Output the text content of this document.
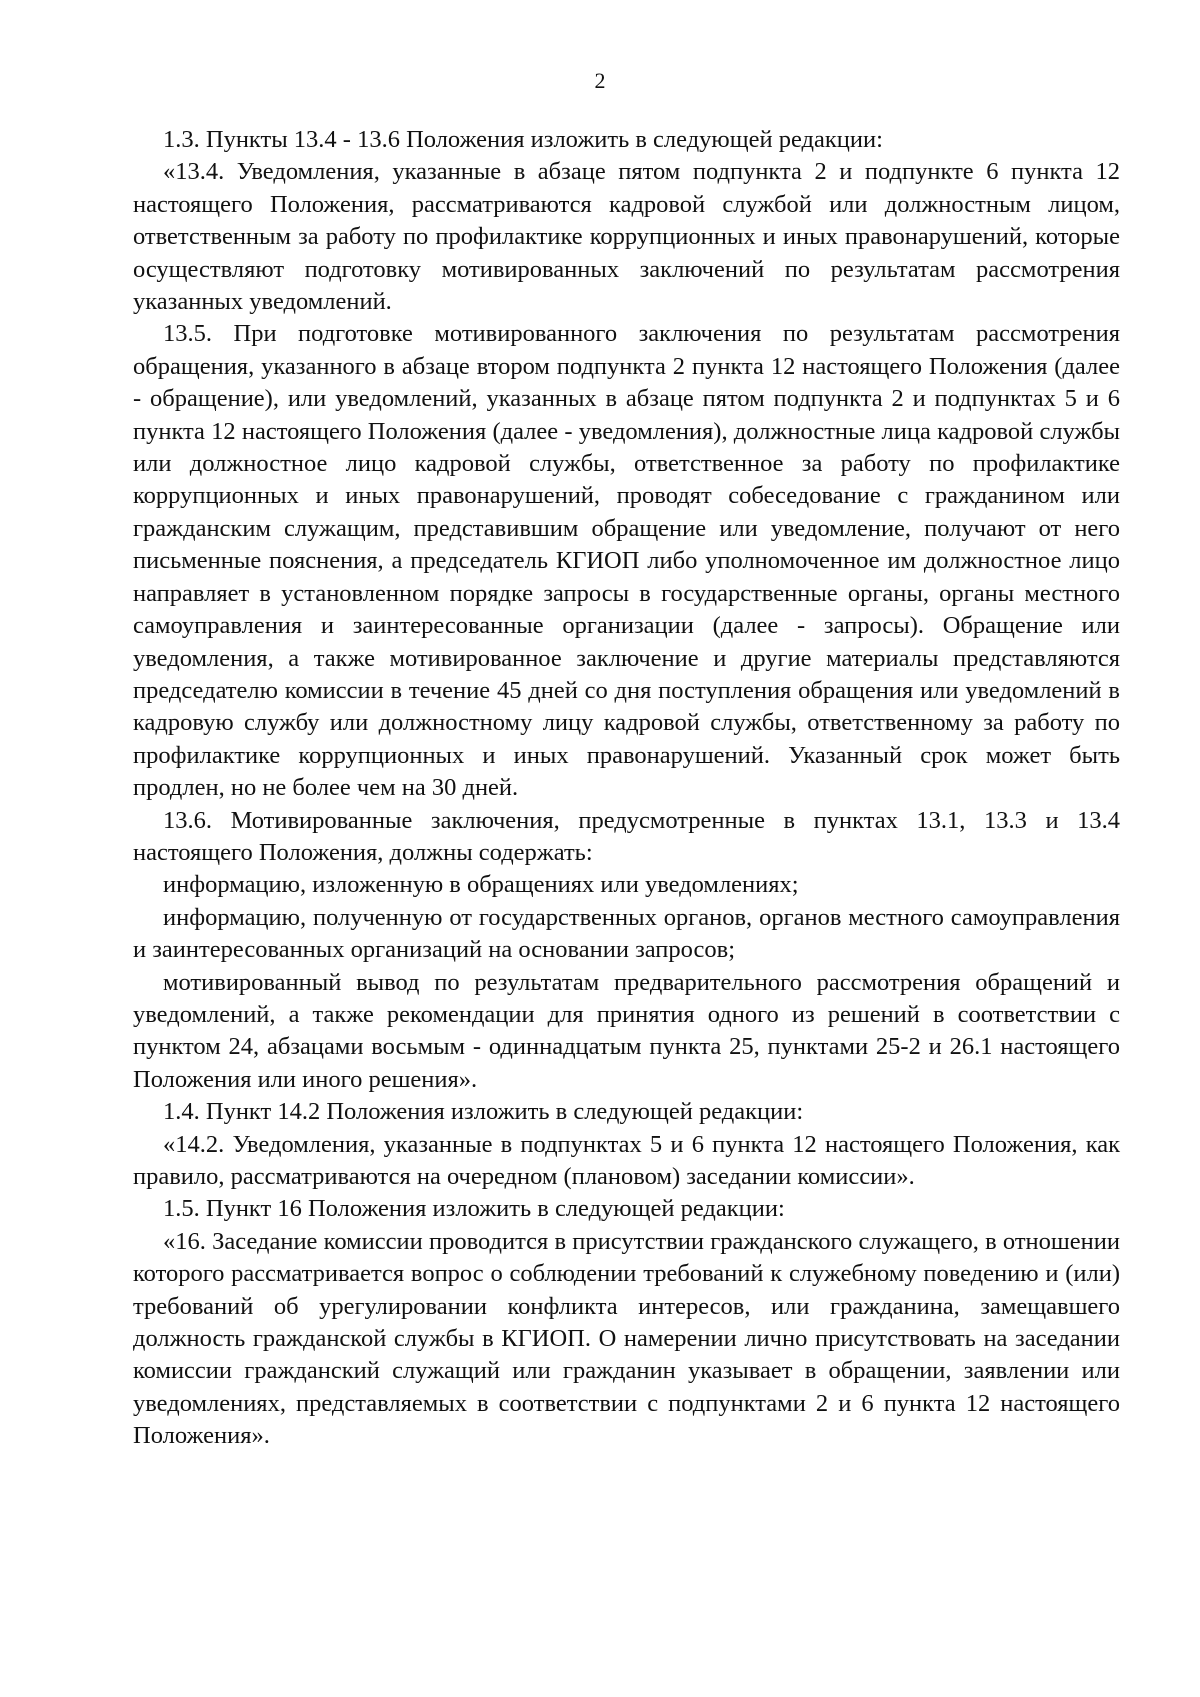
2

1.3. Пункты 13.4 - 13.6 Положения изложить в следующей редакции:

«13.4. Уведомления, указанные в абзаце пятом подпункта 2 и подпункте 6 пункта 12 настоящего Положения, рассматриваются кадровой службой или должностным лицом, ответственным за работу по профилактике коррупционных и иных правонарушений, которые осуществляют подготовку мотивированных заключений по результатам рассмотрения указанных уведомлений.

13.5. При подготовке мотивированного заключения по результатам рассмотрения обращения, указанного в абзаце втором подпункта 2 пункта 12 настоящего Положения (далее - обращение), или уведомлений, указанных в абзаце пятом подпункта 2 и подпунктах 5 и 6 пункта 12 настоящего Положения (далее - уведомления), должностные лица кадровой службы или должностное лицо кадровой службы, ответственное за работу по профилактике коррупционных и иных правонарушений, проводят собеседование с гражданином или гражданским служащим, представившим обращение или уведомление, получают от него письменные пояснения, а председатель КГИОП либо уполномоченное им должностное лицо направляет в установленном порядке запросы в государственные органы, органы местного самоуправления и заинтересованные организации (далее - запросы). Обращение или уведомления, а также мотивированное заключение и другие материалы представляются председателю комиссии в течение 45 дней со дня поступления обращения или уведомлений в кадровую службу или должностному лицу кадровой службы, ответственному за работу по профилактике коррупционных и иных правонарушений. Указанный срок может быть продлен, но не более чем на 30 дней.

13.6. Мотивированные заключения, предусмотренные в пунктах 13.1, 13.3 и 13.4 настоящего Положения, должны содержать:

информацию, изложенную в обращениях или уведомлениях;

информацию, полученную от государственных органов, органов местного самоуправления и заинтересованных организаций на основании запросов;

мотивированный вывод по результатам предварительного рассмотрения обращений и уведомлений, а также рекомендации для принятия одного из решений в соответствии с пунктом 24, абзацами восьмым - одиннадцатым пункта 25, пунктами 25-2 и 26.1 настоящего Положения или иного решения».

1.4. Пункт 14.2 Положения изложить в следующей редакции:

«14.2. Уведомления, указанные в подпунктах 5 и 6 пункта 12 настоящего Положения, как правило, рассматриваются на очередном (плановом) заседании комиссии».

1.5. Пункт 16 Положения изложить в следующей редакции:

«16. Заседание комиссии проводится в присутствии гражданского служащего, в отношении которого рассматривается вопрос о соблюдении требований к служебному поведению и (или) требований об урегулировании конфликта интересов, или гражданина, замещавшего должность гражданской службы в КГИОП. О намерении лично присутствовать на заседании комиссии гражданский служащий или гражданин указывает в обращении, заявлении или уведомлениях, представляемых в соответствии с подпунктами 2 и 6 пункта 12 настоящего Положения».
